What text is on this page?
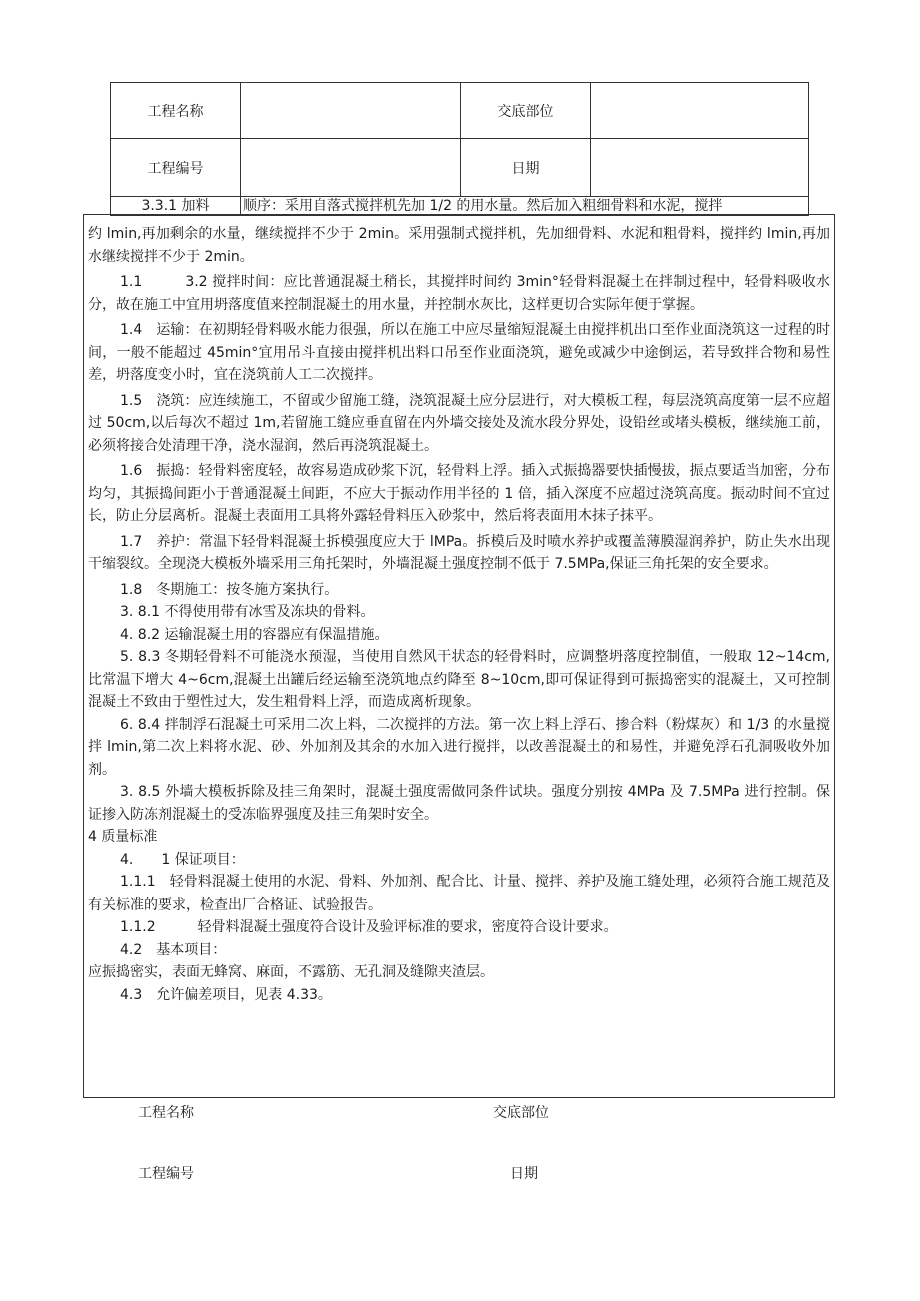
工程名称		交底部位	
工程编号		日期	
3.3.1 加料	顺序：采用自落式搅拌机先加 1/2 的用水量。然后加入粗细骨料和水泥，搅拌		

约 lmin,再加剩余的水量，继续搅拌不少于 2min。采用强制式搅拌机，先加细骨料、水泥和粗骨料，搅拌约 lmin,再加水继续搅拌不少于 2min。

1.1　　　3.2 搅拌时间：应比普通混凝土稍长，其搅拌时间约 3min°轻骨料混凝土在拌制过程中，轻骨料吸收水分，故在施工中宜用坍落度值来控制混凝土的用水量，并控制水灰比，这样更切合实际年便于掌握。

1.4　运输：在初期轻骨料吸水能力很强，所以在施工中应尽量缩短混凝土由搅拌机出口至作业面浇筑这一过程的时间，一般不能超过 45min°宜用吊斗直接由搅拌机出料口吊至作业面浇筑，避免或减少中途倒运，若导致拌合物和易性差，坍落度变小时，宜在浇筑前人工二次搅拌。

1.5　浇筑：应连续施工，不留或少留施工缝，浇筑混凝土应分层进行，对大模板工程，每层浇筑高度第一层不应超过 50cm,以后每次不超过 1m,若留施工缝应垂直留在内外墙交接处及流水段分界处，设铅丝或堵头模板，继续施工前，必须将接合处清理干净，浇水湿润，然后再浇筑混凝土。

1.6　振捣：轻骨料密度轻，故容易造成砂浆下沉，轻骨料上浮。插入式振捣器要快插慢拔，振点要适当加密，分布均匀，其振捣间距小于普通混凝土间距，不应大于振动作用半径的 1 倍，插入深度不应超过浇筑高度。振动时间不宜过长，防止分层离析。混凝土表面用工具将外露轻骨料压入砂浆中，然后将表面用木抹子抹平。

1.7　养护：常温下轻骨料混凝土拆模强度应大于 lMPa。拆模后及时喷水养护或覆盖薄膜湿润养护，防止失水出现干缩裂纹。全现浇大模板外墙采用三角托架时，外墙混凝土强度控制不低于 7.5MPa,保证三角托架的安全要求。

1.8　冬期施工：按冬施方案执行。

3. 8.1 不得使用带有冰雪及冻块的骨料。

4. 8.2 运输混凝土用的容器应有保温措施。

5. 8.3 冬期轻骨料不可能浇水预湿，当使用自然风干状态的轻骨料时，应调整坍落度控制值，一般取 12~14cm,比常温下增大 4~6cm,混凝土出罐后经运输至浇筑地点约降至 8~10cm,即可保证得到可振捣密实的混凝土，又可控制混凝土不致由于塑性过大，发生粗骨料上浮，而造成离析现象。

6. 8.4 拌制浮石混凝土可采用二次上料，二次搅拌的方法。第一次上料上浮石、掺合料（粉煤灰）和 1/3 的水量搅拌 lmin,第二次上料将水泥、砂、外加剂及其余的水加入进行搅拌，以改善混凝土的和易性，并避免浮石孔洞吸收外加剂。

3. 8.5 外墙大模板拆除及挂三角架时，混凝土强度需做同条件试块。强度分别按 4MPa 及 7.5MPa 进行控制。保证掺入防冻剂混凝土的受冻临界强度及挂三角架时安全。

4 质量标准

4.　　1 保证项目：

1.1.1　轻骨料混凝土使用的水泥、骨料、外加剂、配合比、计量、搅拌、养护及施工缝处理，必须符合施工规范及有关标准的要求，检查出厂合格证、试验报告。

1.1.2　　　轻骨料混凝土强度符合设计及验评标准的要求，密度符合设计要求。

4.2　基本项目：

应振捣密实，表面无蜂窝、麻面，不露筋、无孔洞及缝隙夹渣层。

4.3　允许偏差项目，见表 4.33。

工程名称	交底部位
工程编号	日期
